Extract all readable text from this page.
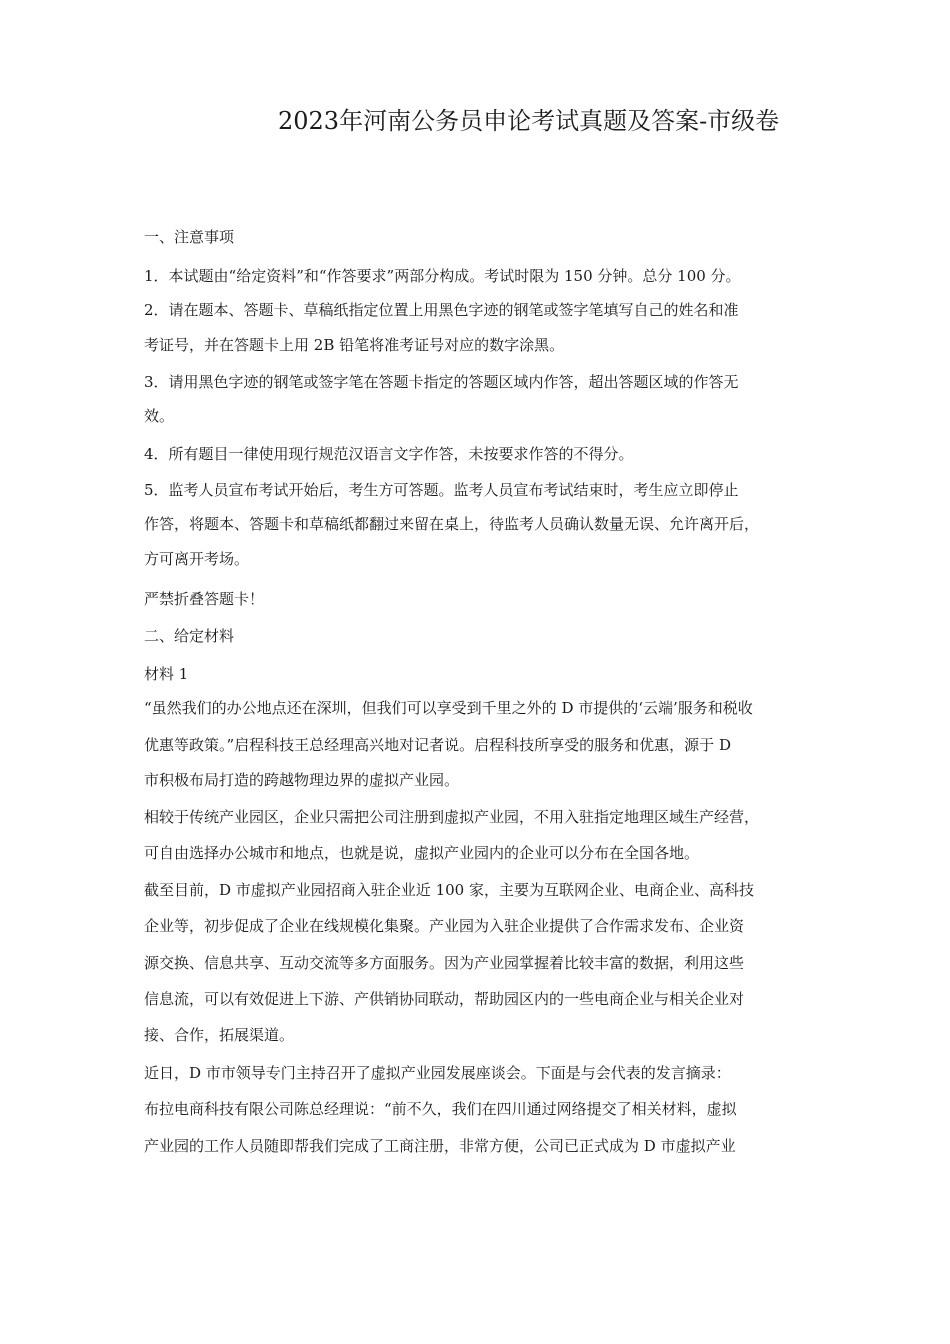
2023年河南公务员申论考试真题及答案-市级卷
一、注意事项
1．本试题由“给定资料”和“作答要求”两部分构成。考试时限为 150 分钟。总分 100 分。
2．请在题本、答题卡、草稿纸指定位置上用黑色字迹的钢笔或签字笔填写自己的姓名和准
考证号，并在答题卡上用 2B 铅笔将准考证号对应的数字涂黑。
3．请用黑色字迹的钢笔或签字笔在答题卡指定的答题区域内作答，超出答题区域的作答无
效。
4．所有题目一律使用现行规范汉语言文字作答，未按要求作答的不得分。
5．监考人员宣布考试开始后，考生方可答题。监考人员宣布考试结束时，考生应立即停止
作答，将题本、答题卡和草稿纸都翻过来留在桌上，待监考人员确认数量无误、允许离开后，
方可离开考场。
严禁折叠答题卡！
二、给定材料
材料 1
“虽然我们的办公地点还在深圳，但我们可以享受到千里之外的 D 市提供的‘云端’服务和税收
优惠等政策。”启程科技王总经理高兴地对记者说。启程科技所享受的服务和优惠，源于 D
市积极布局打造的跨越物理边界的虚拟产业园。
相较于传统产业园区，企业只需把公司注册到虚拟产业园，不用入驻指定地理区域生产经营，
可自由选择办公城市和地点，也就是说，虚拟产业园内的企业可以分布在全国各地。
截至目前，D 市虚拟产业园招商入驻企业近 100 家，主要为互联网企业、电商企业、高科技
企业等，初步促成了企业在线规模化集聚。产业园为入驻企业提供了合作需求发布、企业资
源交换、信息共享、互动交流等多方面服务。因为产业园掌握着比较丰富的数据，利用这些
信息流，可以有效促进上下游、产供销协同联动，帮助园区内的一些电商企业与相关企业对
接、合作，拓展渠道。
近日，D 市市领导专门主持召开了虚拟产业园发展座谈会。下面是与会代表的发言摘录：
布拉电商科技有限公司陈总经理说：“前不久，我们在四川通过网络提交了相关材料，虚拟
产业园的工作人员随即帮我们完成了工商注册，非常方便，公司已正式成为 D 市虚拟产业
